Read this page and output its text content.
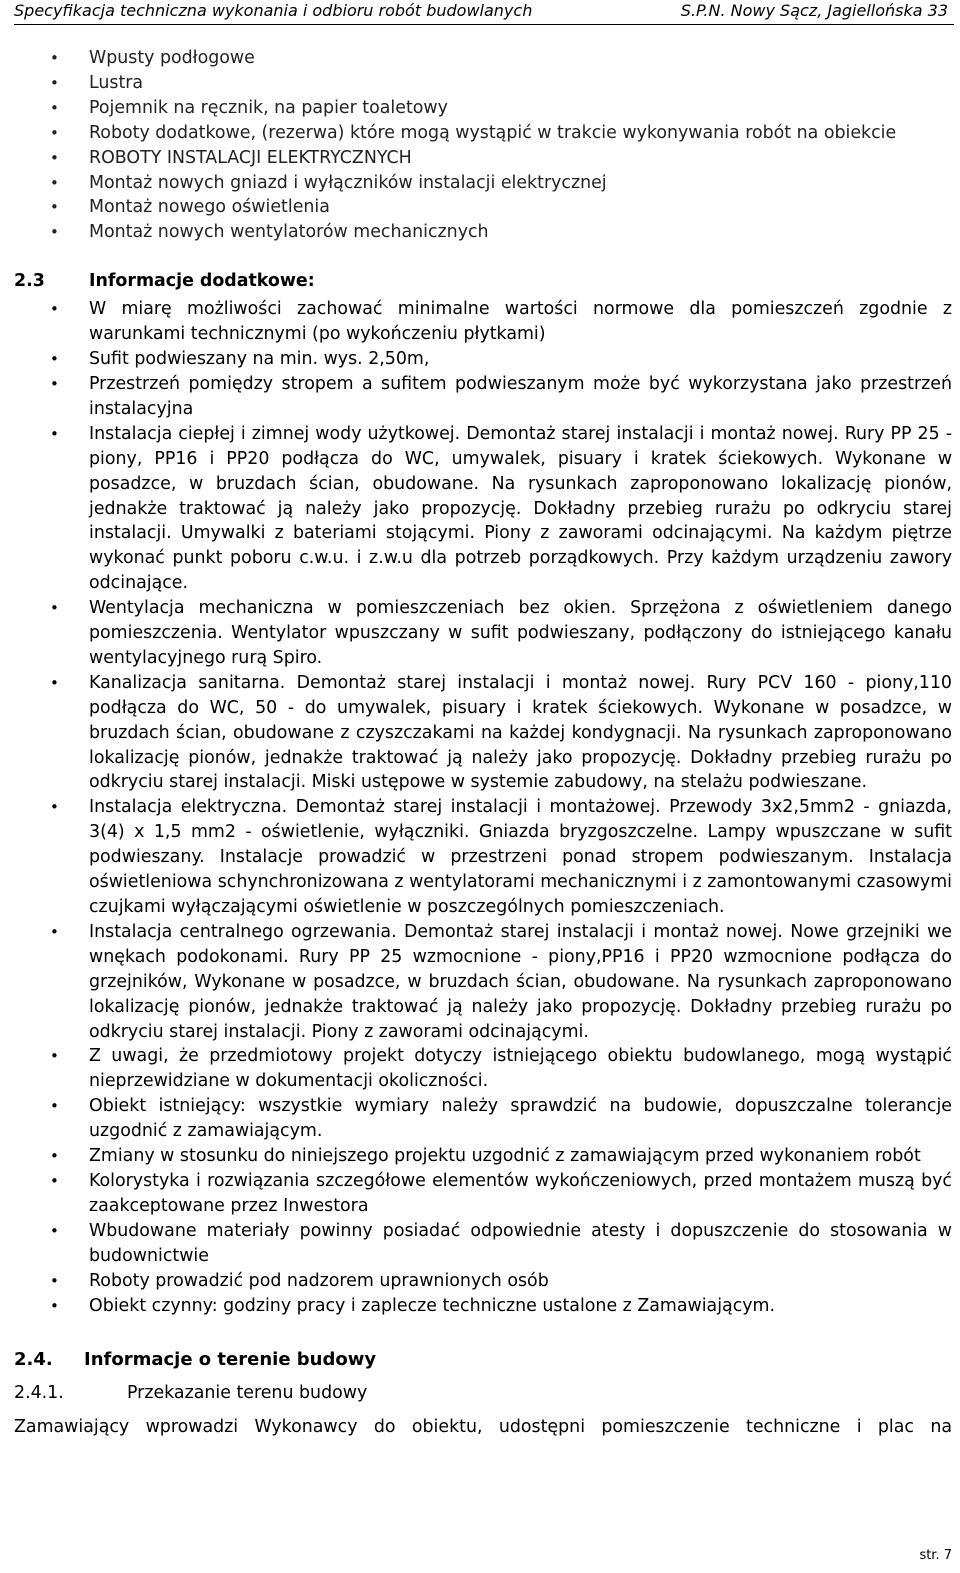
Specyfikacja techniczna wykonania i odbioru robót budowlanych	S.P.N. Nowy Sącz, Jagiellońska 33
• Wpusty podłogowe
• Lustra
• Pojemnik na ręcznik, na papier toaletowy
• Roboty dodatkowe, (rezerwa) które mogą wystąpić w trakcie wykonywania robót na obiekcie
• ROBOTY INSTALACJI ELEKTRYCZNYCH
• Montaż nowych gniazd i wyłączników instalacji elektrycznej
• Montaż nowego oświetlenia
• Montaż nowych wentylatorów mechanicznych
2.3	Informacje dodatkowe:
• W miarę możliwości zachować minimalne wartości normowe dla pomieszczeń zgodnie z warunkami technicznymi (po wykończeniu płytkami)
• Sufit podwieszany na min. wys. 2,50m,
• Przestrzeń pomiędzy stropem a sufitem podwieszanym może być wykorzystana jako przestrzeń instalacyjna
• Instalacja ciepłej i zimnej wody użytkowej. Demontaż starej instalacji i montaż nowej. Rury PP 25 - piony, PP16 i PP20 podłącza do WC, umywalek, pisuary i kratek ściekowych. Wykonane w posadzce, w bruzdach ścian, obudowane. Na rysunkach zaproponowano lokalizację pionów, jednakże traktować ją należy jako propozycję. Dokładny przebieg rurażu po odkryciu starej instalacji. Umywalki z bateriami stojącymi. Piony z zaworami odcinającymi. Na każdym piętrze wykonać punkt poboru c.w.u. i z.w.u dla potrzeb porządkowych. Przy każdym urządzeniu zawory odcinające.
• Wentylacja mechaniczna w pomieszczeniach bez okien. Sprzężona z oświetleniem danego pomieszczenia. Wentylator wpuszczany w sufit podwieszany, podłączony do istniejącego kanału wentylacyjnego rurą Spiro.
• Kanalizacja sanitarna. Demontaż starej instalacji i montaż nowej. Rury PCV 160 - piony,110 podłącza do WC, 50 - do umywalek, pisuary i kratek ściekowych. Wykonane w posadzce, w bruzdach ścian, obudowane z czyszczakami na każdej kondygnacji. Na rysunkach zaproponowano lokalizację pionów, jednakże traktować ją należy jako propozycję. Dokładny przebieg rurażu po odkryciu starej instalacji. Miski ustępowe w systemie zabudowy, na stelażu podwieszane.
• Instalacja elektryczna. Demontaż starej instalacji i montażowej. Przewody 3x2,5mm2 - gniazda, 3(4) x 1,5 mm2 - oświetlenie, wyłączniki. Gniazda bryzgoszczelne. Lampy wpuszczane w sufit podwieszany. Instalacje prowadzić w przestrzeni ponad stropem podwieszanym. Instalacja oświetleniowa schynchronizowana z wentylatorami mechanicznymi i z zamontowanymi czasowymi czujkami wyłączającymi oświetlenie w poszczególnych pomieszczeniach.
• Instalacja centralnego ogrzewania. Demontaż starej instalacji i montaż nowej. Nowe grzejniki we wnękach podokonami. Rury PP 25 wzmocnione - piony,PP16 i PP20 wzmocnione podłącza do grzejników, Wykonane w posadzce, w bruzdach ścian, obudowane. Na rysunkach zaproponowano lokalizację pionów, jednakże traktować ją należy jako propozycję. Dokładny przebieg rurażu po odkryciu starej instalacji. Piony z zaworami odcinającymi.
• Z uwagi, że przedmiotowy projekt dotyczy istniejącego obiektu budowlanego, mogą wystąpić nieprzewidziane w dokumentacji okoliczności.
• Obiekt istniejący: wszystkie wymiary należy sprawdzić na budowie, dopuszczalne tolerancje uzgodnić z zamawiającym.
• Zmiany w stosunku do niniejszego projektu uzgodnić z zamawiającym przed wykonaniem robót
• Kolorystyka i rozwiązania szczegółowe elementów wykończeniowych, przed montażem muszą być zaakceptowane przez Inwestora
• Wbudowane materiały powinny posiadać odpowiednie atesty i dopuszczenie do stosowania w budownictwie
• Roboty prowadzić pod nadzorem uprawnionych osób
• Obiekt czynny: godziny pracy i zaplecze techniczne ustalone z Zamawiającym.
2.4. Informacje o terenie budowy
2.4.1.	Przekazanie terenu budowy
Zamawiający wprowadzi Wykonawcy do obiektu, udostępni pomieszczenie techniczne i plac na
str. 7
